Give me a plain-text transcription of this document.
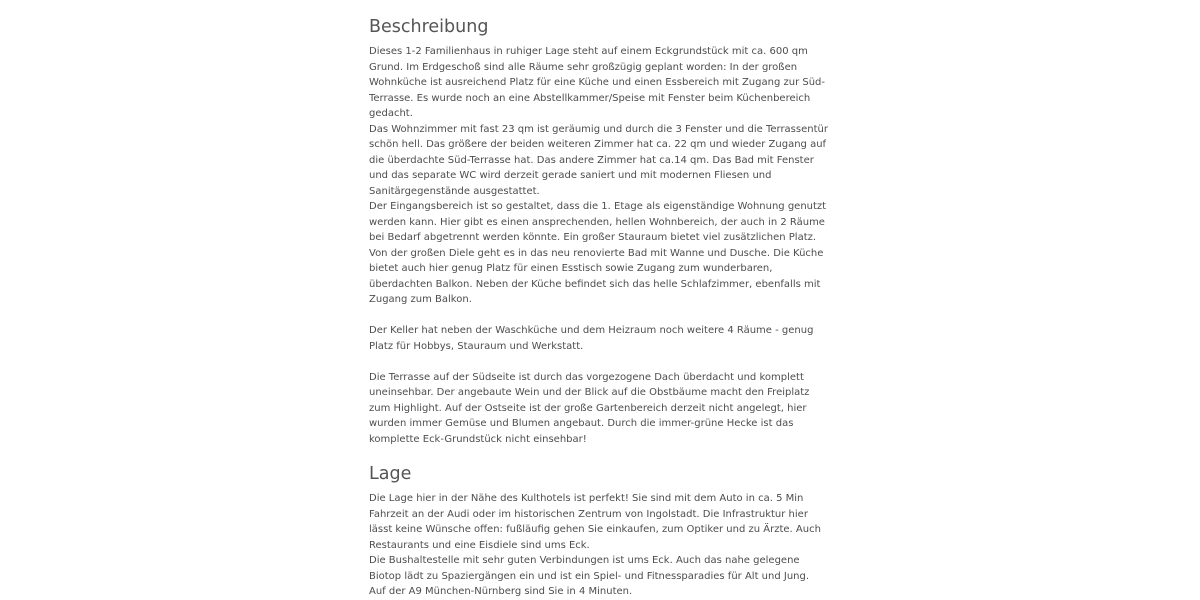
Beschreibung

Dieses 1-2 Familienhaus in ruhiger Lage steht auf einem Eckgrundstück mit ca. 600 qm Grund. Im Erdgeschoß sind alle Räume sehr großzügig geplant worden: In der großen Wohnküche ist ausreichend Platz für eine Küche und einen Essbereich mit Zugang zur Süd-Terrasse. Es wurde noch an eine Abstellkammer/Speise mit Fenster beim Küchenbereich gedacht.

Das Wohnzimmer mit fast 23 qm ist geräumig und durch die 3 Fenster und die Terrassentür schön hell. Das größere der beiden weiteren Zimmer hat ca. 22 qm und wieder Zugang auf die überdachte Süd-Terrasse hat. Das andere Zimmer hat ca.14 qm. Das Bad mit Fenster und das separate WC wird derzeit gerade saniert und mit modernen Fliesen und Sanitärgegenstände ausgestattet.

Der Eingangsbereich ist so gestaltet, dass die 1. Etage als eigenständige Wohnung genutzt werden kann. Hier gibt es einen ansprechenden, hellen Wohnbereich, der auch in 2 Räume bei Bedarf abgetrennt werden könnte. Ein großer Stauraum bietet viel zusätzlichen Platz. Von der großen Diele geht es in das neu renovierte Bad mit Wanne und Dusche. Die Küche bietet auch hier genug Platz für einen Esstisch sowie Zugang zum wunderbaren, überdachten Balkon. Neben der Küche befindet sich das helle Schlafzimmer, ebenfalls mit Zugang zum Balkon.

Der Keller hat neben der Waschküche und dem Heizraum noch weitere 4 Räume - genug Platz für Hobbys, Stauraum und Werkstatt.

Die Terrasse auf der Südseite ist durch das vorgezogene Dach überdacht und komplett uneinsehbar. Der angebaute Wein und der Blick auf die Obstbäume macht den Freiplatz zum Highlight. Auf der Ostseite ist der große Gartenbereich derzeit nicht angelegt, hier wurden immer Gemüse und Blumen angebaut. Durch die immer-grüne Hecke ist das komplette Eck-Grundstück nicht einsehbar!

Lage

Die Lage hier in der Nähe des Kulthotels ist perfekt! Sie sind mit dem Auto in ca. 5 Min Fahrzeit an der Audi oder im historischen Zentrum von Ingolstadt. Die Infrastruktur hier lässt keine Wünsche offen: fußläufig gehen Sie einkaufen, zum Optiker und zu Ärzte. Auch Restaurants und eine Eisdiele sind ums Eck.

Die Bushaltestelle mit sehr guten Verbindungen ist ums Eck. Auch das nahe gelegene Biotop lädt zu Spaziergängen ein und ist ein Spiel- und Fitnessparadies für Alt und Jung.

Auf der A9 München-Nürnberg sind Sie in 4 Minuten.
